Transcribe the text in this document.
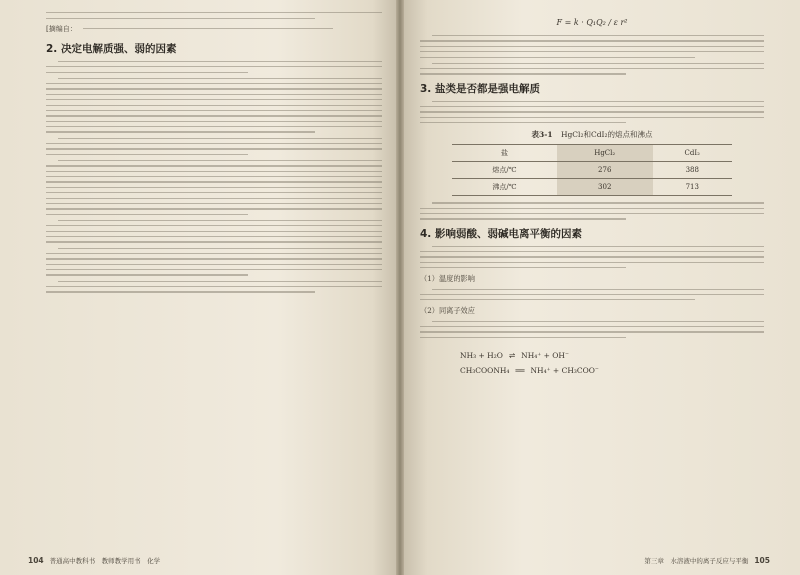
[摘编自：
2. 决定电解质强、弱的因素
104 普通高中教科书　教师教学用书　化学
F = k · Q₁Q₂ / ε r²
3. 盐类是否都是强电解质
表3-1 HgCl₂和CdI₂的熔点和沸点
盐	HgCl₂	CdI₂
熔点/℃	276	388
沸点/℃	302	713
4. 影响弱酸、弱碱电离平衡的因素
（1）温度的影响
（2）同离子效应
NH₃ + H₂O ⇌ NH₄⁺ + OH⁻
CH₃COONH₄ ══ NH₄⁺ + CH₃COO⁻
第三章　水溶液中的离子反应与平衡 105
